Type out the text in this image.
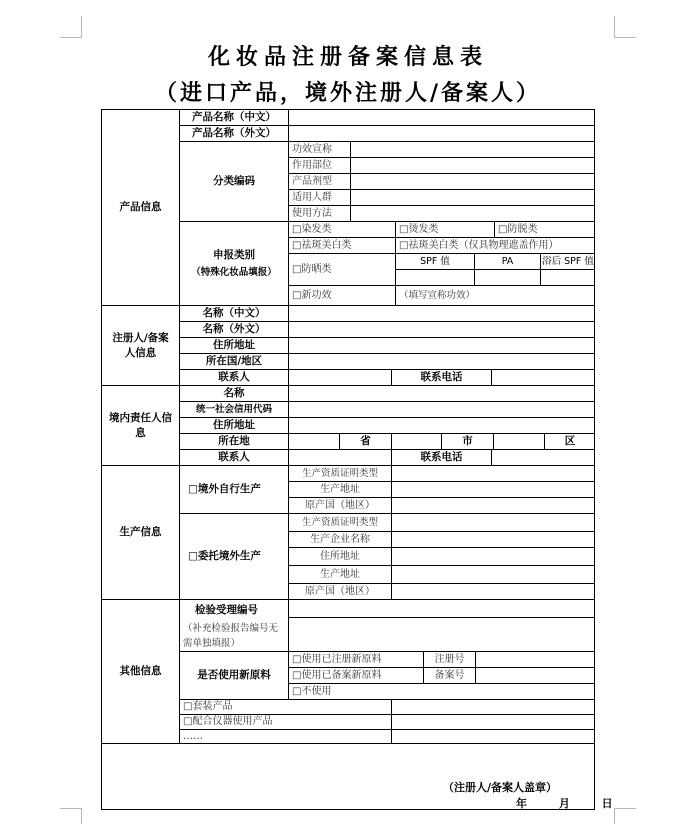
化妆品注册备案信息表
（进口产品，境外注册人/备案人）
产品信息
产品名称（中文）
产品名称（外文）
分类编码
功效宣称
作用部位
产品剂型
适用人群
使用方法
申报类别
（特殊化妆品填报）
□染发类	□烫发类	□防脱类
□祛斑美白类	□祛斑美白类（仅具物理遮盖作用）
□防晒类
SPF 值	PA	浴后 SPF 值
□新功效	（填写宣称功效）
注册人/备案人信息
名称（中文）
名称（外文）
住所地址
所在国/地区
联系人	联系电话
境内责任人信息
名称
统一社会信用代码
住所地址
所在地	省	市	区
联系人	联系电话
生产信息
□境外自行生产
生产资质证明类型
生产地址
原产国（地区）
□委托境外生产
生产资质证明类型
生产企业名称
住所地址
生产地址
原产国（地区）
其他信息
检验受理编号
（补充检验报告编号无需单独填报）
是否使用新原料
□使用已注册新原料	注册号
□使用已备案新原料	备案号
□不使用
□套装产品
□配合仪器使用产品
……
（注册人/备案人盖章）
年 月 日
